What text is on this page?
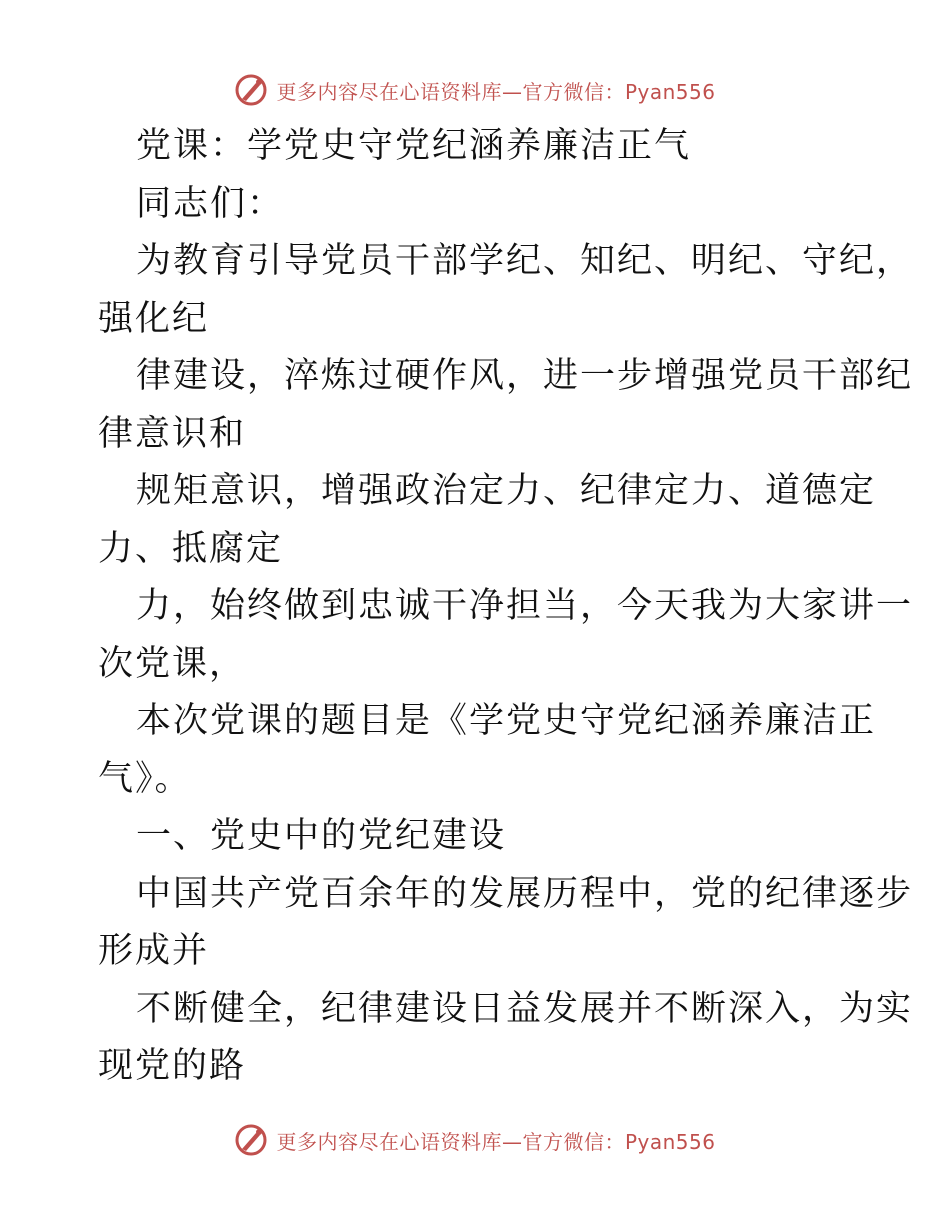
更多内容尽在心语资料库—官方微信：Pyan556
党课：学党史守党纪涵养廉洁正气
同志们：
为教育引导党员干部学纪、知纪、明纪、守纪，
强化纪
律建设，淬炼过硬作风，进一步增强党员干部纪
律意识和
规矩意识，增强政治定力、纪律定力、道德定
力、抵腐定
力，始终做到忠诚干净担当，今天我为大家讲一
次党课，
本次党课的题目是《学党史守党纪涵养廉洁正
气》。
一、党史中的党纪建设
中国共产党百余年的发展历程中，党的纪律逐步
形成并
不断健全，纪律建设日益发展并不断深入，为实
现党的路
更多内容尽在心语资料库—官方微信：Pyan556
